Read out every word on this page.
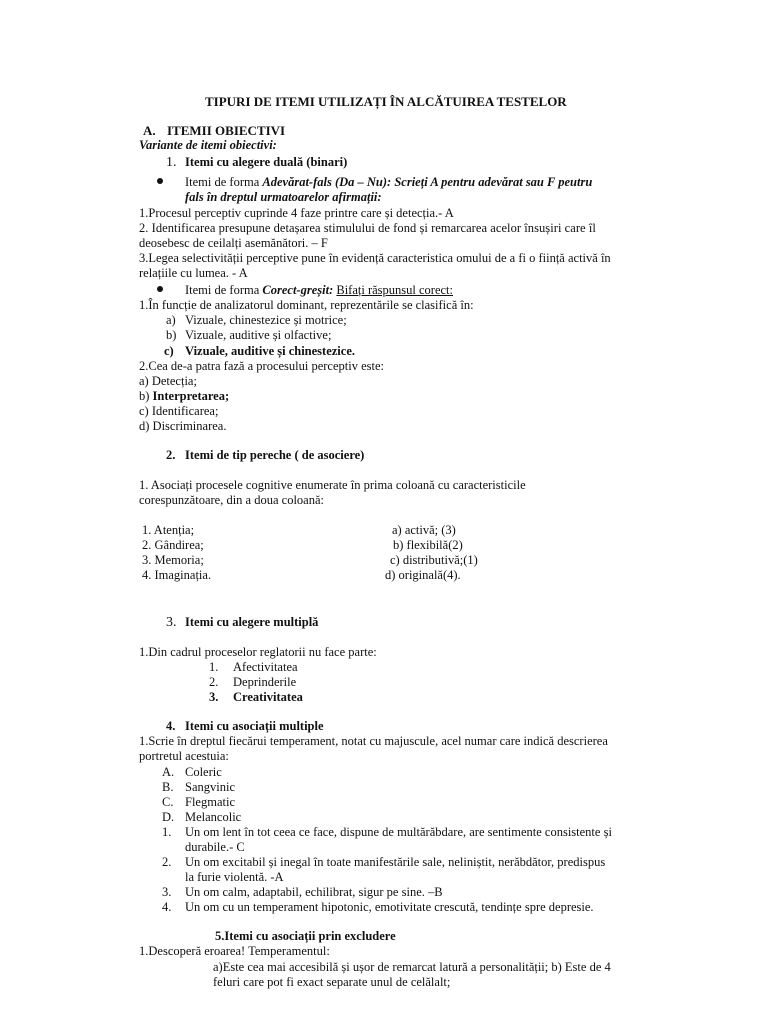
TIPURI DE ITEMI UTILIZAȚI ÎN ALCĂTUIREA TESTELOR
A. ITEMII OBIECTIVI
Variante de itemi obiectivi:
1. Itemi cu alegere duală (binari)
Itemi de forma Adevărat-fals (Da – Nu): Scrieți A pentru adevărat sau F peutru
fals în dreptul urmatoarelor afirmații:
1.Procesul perceptiv cuprinde 4 faze printre care și detecția.- A
2. Identificarea presupune detașarea stimulului de fond și remarcarea acelor însușiri care îl
deosebesc de ceilalți asemănători. – F
3.Legea selectivității perceptive pune în evidență caracteristica omului de a fi o ființă activă în
relațiile cu lumea. - A
Itemi de forma Corect-greșit: Bifați răspunsul corect:
1.În funcție de analizatorul dominant, reprezentările se clasifică în:
a) Vizuale, chinestezice și motrice;
b) Vizuale, auditive și olfactive;
c) Vizuale, auditive și chinestezice.
2.Cea de-a patra fază a procesului perceptiv este:
a) Detecția;
b) Interpretarea;
c) Identificarea;
d) Discriminarea.
2. Itemi de tip pereche ( de asociere)
1. Asociați procesele cognitive enumerate în prima coloană cu caracteristicile
corespunzătoare, din a doua coloană:
1. Atenția;
2. Gândirea;
3. Memoria;
4. Imaginația.
a) activă; (3)
b) flexibilă(2)
c) distributivă;(1)
d) originală(4).
3. Itemi cu alegere multiplă
1.Din cadrul proceselor reglatorii nu face parte:
1. Afectivitatea
2. Deprinderile
3. Creativitatea
4. Itemi cu asociații multiple
1.Scrie în dreptul fiecărui temperament, notat cu majuscule, acel numar care indică descrierea
portretul acestuia:
A. Coleric
B. Sangvinic
C. Flegmatic
D. Melancolic
1. Un om lent în tot ceea ce face, dispune de multărăbdare, are sentimente consistente și
durabile.- C
2. Un om excitabil și inegal în toate manifestările sale, neliniștit, nerăbdător, predispus
la furie violentă. -A
3. Un om calm, adaptabil, echilibrat, sigur pe sine. –B
4. Un om cu un temperament hipotonic, emotivitate crescută, tendințe spre depresie.
5.Itemi cu asociații prin excludere
1.Descoperă eroarea! Temperamentul:
a)Este cea mai accesibilă și ușor de remarcat latură a personalității; b) Este de 4
feluri care pot fi exact separate unul de celălalt;
